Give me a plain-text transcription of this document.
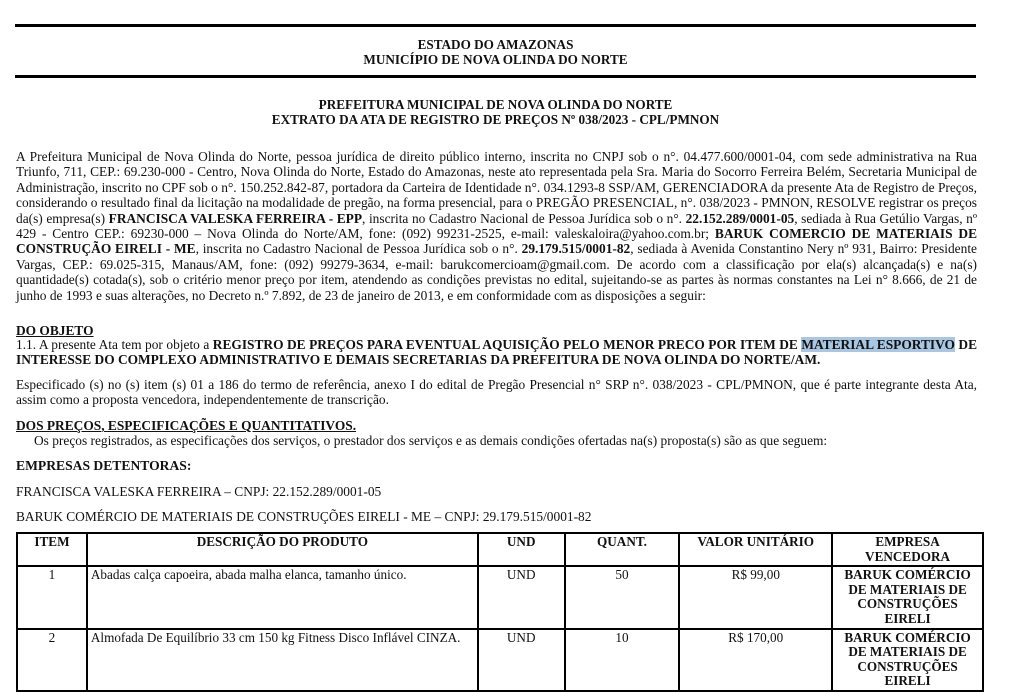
ESTADO DO AMAZONAS
MUNICÍPIO DE NOVA OLINDA DO NORTE
PREFEITURA MUNICIPAL DE NOVA OLINDA DO NORTE
EXTRATO DA ATA DE REGISTRO DE PREÇOS Nº 038/2023 - CPL/PMNON
A Prefeitura Municipal de Nova Olinda do Norte, pessoa jurídica de direito público interno, inscrita no CNPJ sob o n°. 04.477.600/0001-04, com sede administrativa na Rua Triunfo, 711, CEP.: 69.230-000 - Centro, Nova Olinda do Norte, Estado do Amazonas, neste ato representada pela Sra. Maria do Socorro Ferreira Belém, Secretaria Municipal de Administração, inscrito no CPF sob o n°. 150.252.842-87, portadora da Carteira de Identidade n°. 034.1293-8 SSP/AM, GERENCIADORA da presente Ata de Registro de Preços, considerando o resultado final da licitação na modalidade de pregão, na forma presencial, para o PREGÃO PRESENCIAL, n°. 038/2023 - PMNON, RESOLVE registrar os preços da(s) empresa(s) FRANCISCA VALESKA FERREIRA - EPP, inscrita no Cadastro Nacional de Pessoa Jurídica sob o n°. 22.152.289/0001-05, sediada à Rua Getúlio Vargas, nº 429 - Centro CEP.: 69230-000 – Nova Olinda do Norte/AM, fone: (092) 99231-2525, e-mail: valeskaloira@yahoo.com.br; BARUK COMERCIO DE MATERIAIS DE CONSTRUÇÃO EIRELI - ME, inscrita no Cadastro Nacional de Pessoa Jurídica sob o n°. 29.179.515/0001-82, sediada à Avenida Constantino Nery nº 931, Bairro: Presidente Vargas, CEP.: 69.025-315, Manaus/AM, fone: (092) 99279-3634, e-mail: barukcomercioam@gmail.com. De acordo com a classificação por ela(s) alcançada(s) e na(s) quantidade(s) cotada(s), sob o critério menor preço por item, atendendo as condições previstas no edital, sujeitando-se as partes às normas constantes na Lei n° 8.666, de 21 de junho de 1993 e suas alterações, no Decreto n.º 7.892, de 23 de janeiro de 2013, e em conformidade com as disposições a seguir:
DO OBJETO
1.1. A presente Ata tem por objeto a REGISTRO DE PREÇOS PARA EVENTUAL AQUISIÇÃO PELO MENOR PRECO POR ITEM DE MATERIAL ESPORTIVO DE INTERESSE DO COMPLEXO ADMINISTRATIVO E DEMAIS SECRETARIAS DA PREFEITURA DE NOVA OLINDA DO NORTE/AM.
Especificado (s) no (s) item (s) 01 a 186 do termo de referência, anexo I do edital de Pregão Presencial n° SRP n°. 038/2023 - CPL/PMNON, que é parte integrante desta Ata, assim como a proposta vencedora, independentemente de transcrição.
DOS PREÇOS, ESPECIFICAÇÕES E QUANTITATIVOS.
Os preços registrados, as especificações dos serviços, o prestador dos serviços e as demais condições ofertadas na(s) proposta(s) são as que seguem:
EMPRESAS DETENTORAS:
FRANCISCA VALESKA FERREIRA – CNPJ: 22.152.289/0001-05
BARUK COMÉRCIO DE MATERIAIS DE CONSTRUÇÕES EIRELI - ME – CNPJ: 29.179.515/0001-82
ITEM	DESCRIÇÃO DO PRODUTO	UND	QUANT.	VALOR UNITÁRIO	EMPRESA VENCEDORA
1	Abadas calça capoeira, abada malha elanca, tamanho único.	UND	50	R$ 99,00	BARUK COMÉRCIO DE MATERIAIS DE CONSTRUÇÕES EIRELI
2	Almofada De Equilíbrio 33 cm 150 kg Fitness Disco Inflável CINZA.	UND	10	R$ 170,00	BARUK COMÉRCIO DE MATERIAIS DE CONSTRUÇÕES EIRELI
